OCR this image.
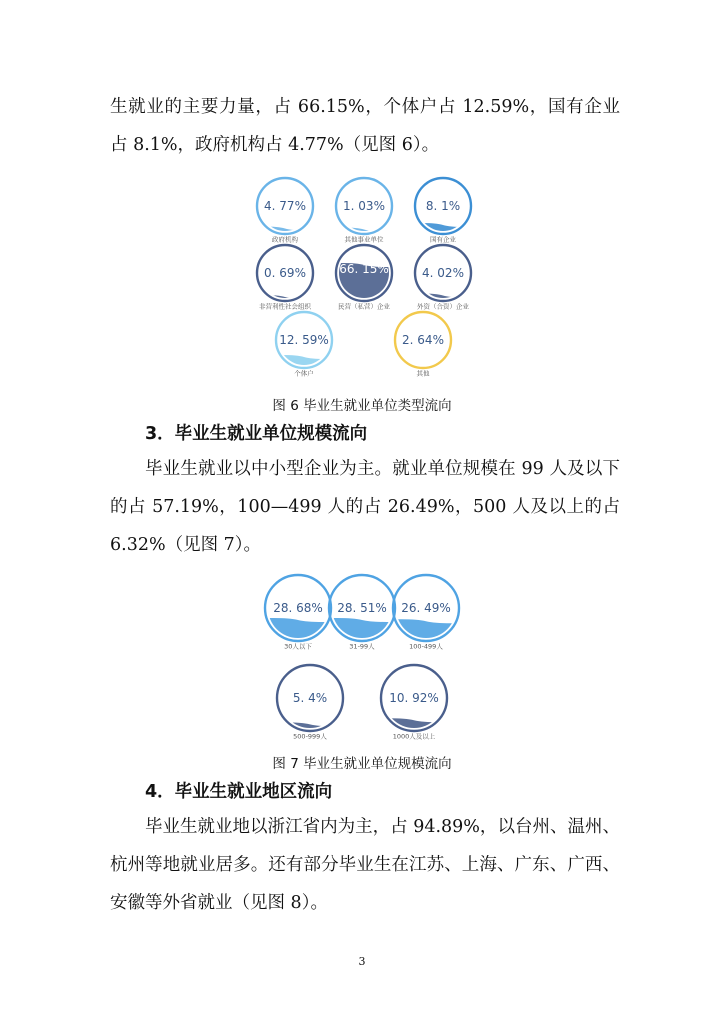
生就业的主要力量，占 66.15%，个体户占 12.59%，国有企业占 8.1%，政府机构占 4.77%（见图 6）。

4. 77%
政府机构
1. 03%
其他事业单位
8. 1%
国有企业
0. 69%
非营利性社会组织
66. 15%
民营（私营）企业
4. 02%
外资（合资）企业
12. 59%
个体户
2. 64%
其他

图 6 毕业生就业单位类型流向

3．毕业生就业单位规模流向

毕业生就业以中小型企业为主。就业单位规模在 99 人及以下的占 57.19%，100—499 人的占 26.49%，500 人及以上的占 6.32%（见图 7）。

28. 68%
30人以下
28. 51%
31-99人
26. 49%
100-499人
5. 4%
500-999人
10. 92%
1000人及以上

图 7 毕业生就业单位规模流向

4．毕业生就业地区流向

毕业生就业地以浙江省内为主，占 94.89%，以台州、温州、杭州等地就业居多。还有部分毕业生在江苏、上海、广东、广西、安徽等外省就业（见图 8）。

3
